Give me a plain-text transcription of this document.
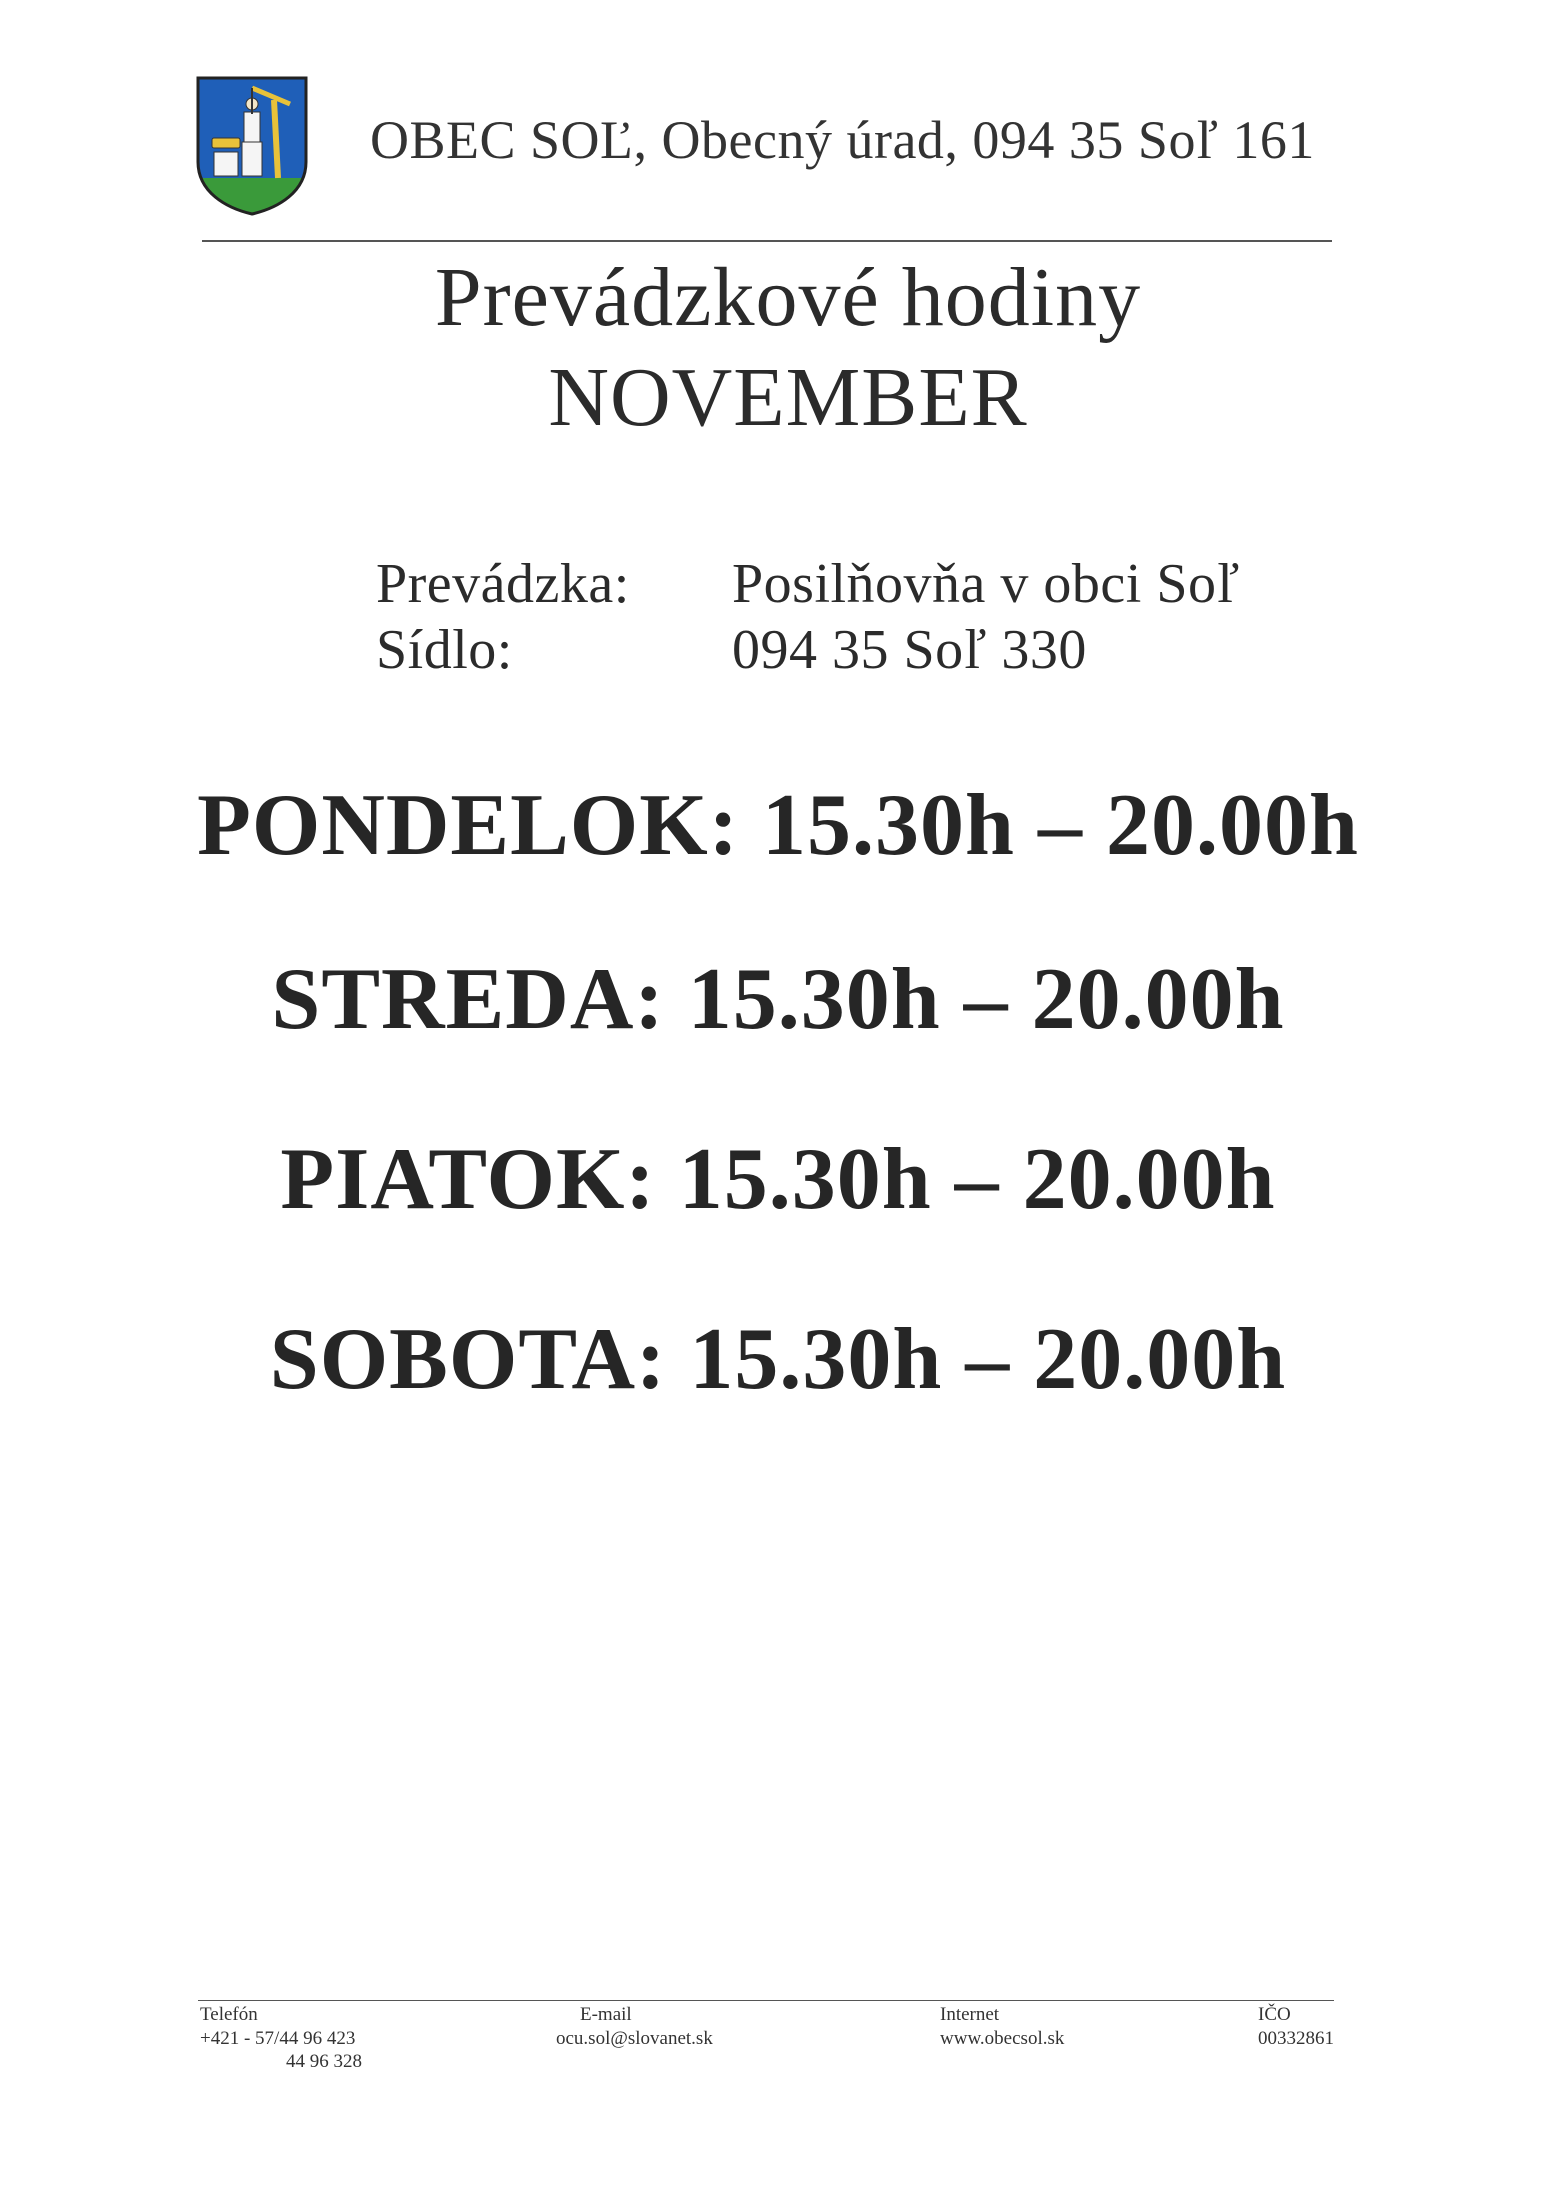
OBEC SOĽ, Obecný úrad, 094 35 Soľ 161
Prevádzkové hodiny
NOVEMBER
Prevádzka: Posilňovňa v obci Soľ
Sídlo:	094 35 Soľ 330
PONDELOK: 15.30h – 20.00h
STREDA: 15.30h – 20.00h
PIATOK: 15.30h – 20.00h
SOBOTA: 15.30h – 20.00h
Telefón
+421 - 57/44 96 423
44 96 328
E-mail
ocu.sol@slovanet.sk
Internet
www.obecsol.sk
IČO
00332861
